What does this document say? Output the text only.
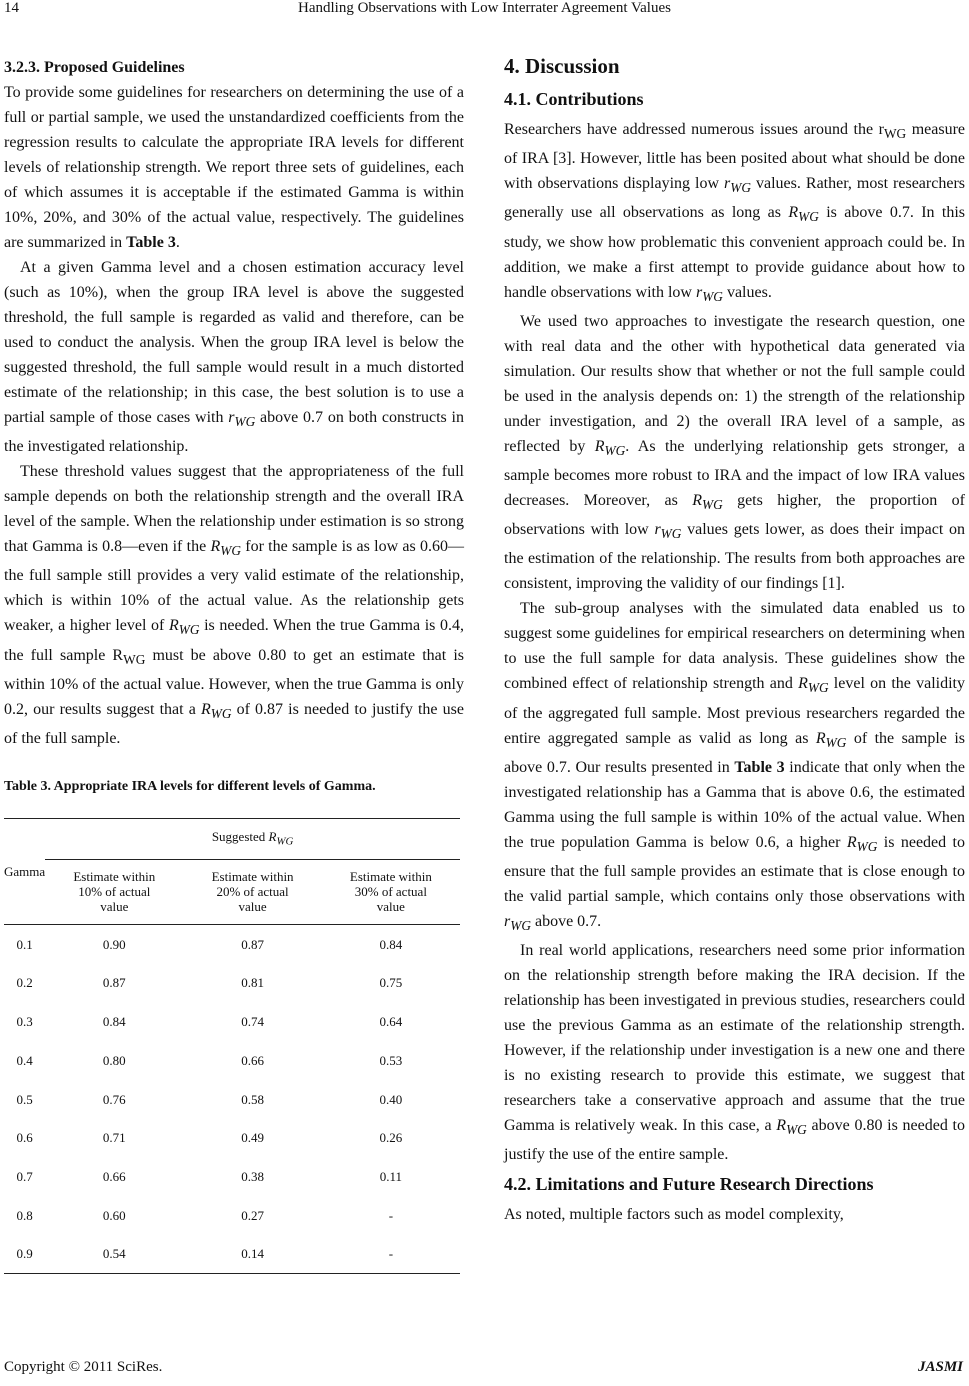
14	Handling Observations with Low Interrater Agreement Values
3.2.3. Proposed Guidelines

To provide some guidelines for researchers on determining the use of a full or partial sample, we used the unstandardized coefficients from the regression results to calculate the appropriate IRA levels for different levels of relationship strength. We report three sets of guidelines, each of which assumes it is acceptable if the estimated Gamma is within 10%, 20%, and 30% of the actual value, respectively. The guidelines are summarized in Table 3.

At a given Gamma level and a chosen estimation accuracy level (such as 10%), when the group IRA level is above the suggested threshold, the full sample is regarded as valid and therefore, can be used to conduct the analysis. When the group IRA level is below the suggested threshold, the full sample would result in a much distorted estimate of the relationship; in this case, the best solution is to use a partial sample of those cases with $r_{WG}$ above 0.7 on both constructs in the investigated relationship.

These threshold values suggest that the appropriateness of the full sample depends on both the relationship strength and the overall IRA level of the sample. When the relationship under estimation is so strong that Gamma is 0.8—even if the $R_{WG}$ for the sample is as low as 0.60—the full sample still provides a very valid estimate of the relationship, which is within 10% of the actual value. As the relationship gets weaker, a higher level of $R_{WG}$ is needed. When the true Gamma is 0.4, the full sample $R_{WG}$ must be above 0.80 to get an estimate that is within 10% of the actual value. However, when the true Gamma is only 0.2, our results suggest that a $R_{WG}$ of 0.87 is needed to justify the use of the full sample.

Table 3. Appropriate IRA levels for different levels of Gamma.
Gamma	Suggested $R_{WG}$
	Estimate within 10% of actual value	Estimate within 20% of actual value	Estimate within 30% of actual value
0.1	0.90	0.87	0.84
0.2	0.87	0.81	0.75
0.3	0.84	0.74	0.64
0.4	0.80	0.66	0.53
0.5	0.76	0.58	0.40
0.6	0.71	0.49	0.26
0.7	0.66	0.38	0.11
0.8	0.60	0.27	-
0.9	0.54	0.14	-
4. Discussion
4.1. Contributions

Researchers have addressed numerous issues around the $r_{WG}$ measure of IRA [3]. However, little has been posited about what should be done with observations displaying low $r_{WG}$ values. Rather, most researchers generally use all observations as long as $R_{WG}$ is above 0.7. In this study, we show how problematic this convenient approach could be. In addition, we make a first attempt to provide guidance about how to handle observations with low $r_{WG}$ values.

We used two approaches to investigate the research question, one with real data and the other with hypothetical data generated via simulation. Our results show that whether or not the full sample could be used in the analysis depends on: 1) the strength of the relationship under investigation, and 2) the overall IRA level of a sample, as reflected by $R_{WG}$. As the underlying relationship gets stronger, a sample becomes more robust to IRA and the impact of low IRA values decreases. Moreover, as $R_{WG}$ gets higher, the proportion of observations with low $r_{WG}$ values gets lower, as does their impact on the estimation of the relationship. The results from both approaches are consistent, improving the validity of our findings [1].

The sub-group analyses with the simulated data enabled us to suggest some guidelines for empirical researchers on determining when to use the full sample for data analysis. These guidelines show the combined effect of relationship strength and $R_{WG}$ level on the validity of the aggregated full sample. Most previous researchers regarded the entire aggregated sample as valid as long as $R_{WG}$ of the sample is above 0.7. Our results presented in Table 3 indicate that only when the investigated relationship has a Gamma that is above 0.6, the estimated Gamma using the full sample is within 10% of the actual value. When the true population Gamma is below 0.6, a higher $R_{WG}$ is needed to ensure that the full sample provides an estimate that is close enough to the valid partial sample, which contains only those observations with $r_{WG}$ above 0.7.

In real world applications, researchers need some prior information on the relationship strength before making the IRA decision. If the relationship has been investigated in previous studies, researchers could use the previous Gamma as an estimate of the relationship strength. However, if the relationship under investigation is a new one and there is no existing research to provide this estimate, we suggest that researchers take a conservative approach and assume that the true Gamma is relatively weak. In this case, a $R_{WG}$ above 0.80 is needed to justify the use of the entire sample.

4.2. Limitations and Future Research Directions

As noted, multiple factors such as model complexity,

Copyright © 2011 SciRes.	JASMI
